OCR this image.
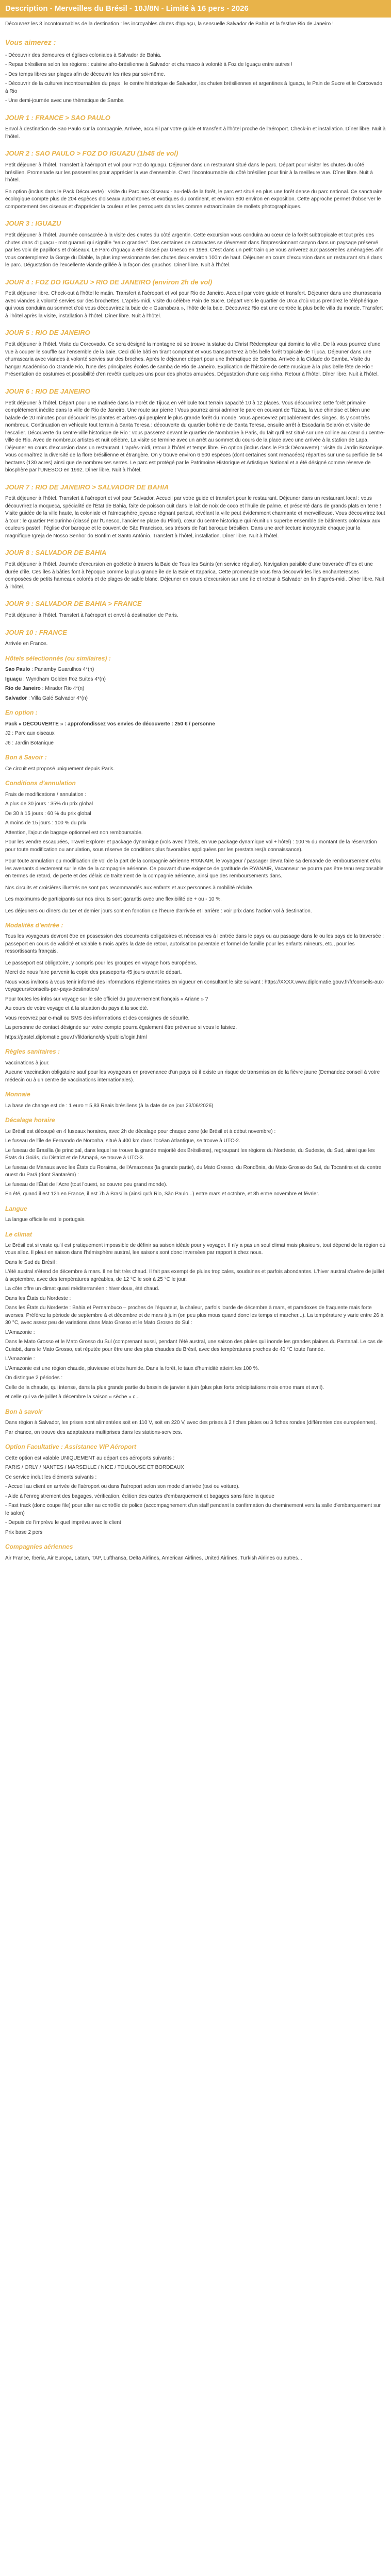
Description - Merveilles du Brésil - 10J/8N - Limité à 16 pers - 2026

Découvrez les 3 incontournables de la destination : les incroyables chutes d'Iguaçu, la sensuelle Salvador de Bahia et la festive Rio de Janeiro !

Vous aimerez :

- Découvrir des demeures et églises coloniales à Salvador de Bahia.

- Repas brésiliens selon les régions : cuisine afro-brésilienne à Salvador et churrasco à volonté à Foz de Iguaçu entre autres !

- Des temps libres sur plages afin de découvrir les rites par soi-même.

- Découvrir de la cultures incontournables du pays : le centre historique de Salvador, les chutes brésiliennes et argentines à Iguaçu, le Pain de Sucre et le Corcovado à Rio

- Une demi-journée avec une thématique de Samba

JOUR 1 : FRANCE > SAO PAULO

Envol à destination de Sao Paulo sur la compagnie. Arrivée, accueil par votre guide et transfert à l'hôtel proche de l'aéroport. Check-in et installation. Dîner libre. Nuit à l'hôtel.

JOUR 2 : SAO PAULO > FOZ DO IGUAZU (1h45 de vol)

Petit déjeuner à l'hôtel. Transfert à l'aéroport et vol pour Foz do Iguaçu. Déjeuner dans un restaurant situé dans le parc. Départ pour visiter les chutes du côté brésilien. Promenade sur les passerelles pour apprécier la vue d'ensemble. C'est l'incontournable du côté brésilien pour finir à la meilleure vue. Dîner libre. Nuit à l'hôtel.

En option (inclus dans le Pack Découverte) : visite du Parc aux Oiseaux - au-delà de la forêt, le parc est situé en plus une forêt dense du parc national. Ce sanctuaire écologique compte plus de 204 espèces d'oiseaux autochtones et exotiques du continent, et environ 800 environ en exposition. Cette approche permet d'observer le comportement des oiseaux et d'apprécier la couleur et les perroquets dans les comme extraordinaire de mollets photographiques.

JOUR 3 : IGUAZU

Petit déjeuner à l'hôtel. Journée consacrée à la visite des chutes du côté argentin. Cette excursion vous conduira au cœur de la forêt subtropicale et tout près des chutes dans d'Iguaçu - mot guarani qui signifie "eaux grandes". Des centaines de cataractes se déversent dans l'impressionnant canyon dans un paysage préservé par les voix de papillons et d'oiseaux. Le Parc d'Iguaçu a été classé par Unesco en 1986. C'est dans un petit train que vous arriverez aux passerelles aménagées afin vous contemplerez la Gorge du Diable, la plus impressionnante des chutes deux environ 100m de haut. Déjeuner en cours d'excursion dans un restaurant situé dans le parc. Dégustation de l'excellente viande grillée à la façon des gauchos. Dîner libre. Nuit à l'hôtel.

JOUR 4 : FOZ DO IGUAZU > RIO DE JANEIRO (environ 2h de vol)

Petit déjeuner libre. Check-out à l'hôtel le matin. Transfert à l'aéroport et vol pour Rio de Janeiro. Accueil par votre guide et transfert. Déjeuner dans une churrascaria avec viandes à volonté servies sur des brochettes. L'après-midi, visite du célèbre Pain de Sucre. Départ vers le quartier de Urca d'où vous prendrez le téléphérique qui vous conduira au sommet d'où vous découvrirez la baie de « Guanabara », l'hôte de la baie. Découvrez Rio est une contrée la plus belle villa du monde. Transfert à l'hôtel après la visite, installation à l'hôtel. Dîner libre. Nuit à l'hôtel.

JOUR 5 : RIO DE JANEIRO

Petit déjeuner à l'hôtel. Visite du Corcovado. Ce sera désigné la montagne où se trouve la statue du Christ Rédempteur qui domine la ville. De là vous pourrez d'une vue à couper le souffle sur l'ensemble de la baie. Ceci dû le bâti en tirant comptant et vous transporterez à très belle forêt tropicale de Tijuca. Déjeuner dans une churrascaria avec viandes à volonté servies sur des broches. Après le déjeuner départ pour une thématique de Samba. Arrivée à la Cidade do Samba. Visite du hangar Académico do Grande Rio, l'une des principales écoles de samba de Rio de Janeiro. Explication de l'histoire de cette musique à la plus belle fête de Rio ! Présentation de costumes et possibilité d'en revêtir quelques uns pour des photos amusées. Dégustation d'une caipirinha. Retour à l'hôtel. Dîner libre. Nuit à l'hôtel.

JOUR 6 : RIO DE JANEIRO

Petit déjeuner à l'hôtel. Départ pour une matinée dans la Forêt de Tijuca en véhicule tout terrain capacité 10 à 12 places. Vous découvrirez cette forêt primaire complètement inédite dans la ville de Rio de Janeiro. Une route sur pierre ! Vous pourrez ainsi admirer le parc en couvant de Tizzua, la vue chinoise et bien une balade de 20 minutes pour découvrir les plantes et arbres qui peuplent le plus grande forêt du monde. Vous apercevrez probablement des singes. Ils y sont très nombreux. Continuation en véhicule tout terrain à Santa Teresa : découverte du quartier bohème de Santa Teresa, ensuite arrêt à Escadaria Selarón et visite de l'escalier. Découverte du centre-ville historique de Rio : vous passerez devant le quartier de Nombraire à Paris, du fait qu'il est situé sur une colline au cœur du centre-ville de Rio. Avec de nombreux artistes et nuit célèbre, La visite se termine avec un arrêt au sommet du cours de la place avec une arrivée à la station de Lapa. Déjeuner en cours d'excursion dans un restaurant. L'après-midi, retour à l'hôtel et temps libre. En option (inclus dans le Pack Découverte) : visite du Jardin Botanique. Vous connaîtrez la diversité de la flore brésilienne et étrangère. On y trouve environ 6 500 espèces (dont certaines sont menacées) réparties sur une superficie de 54 hectares (130 acres) ainsi que de nombreuses serres. Le parc est protégé par le Patrimoine Historique et Artistique National et a été désigné comme réserve de biosphère par l'UNESCO en 1992. Dîner libre. Nuit à l'hôtel.

JOUR 7 : RIO DE JANEIRO > SALVADOR DE BAHIA

Petit déjeuner à l'hôtel. Transfert à l'aéroport et vol pour Salvador. Accueil par votre guide et transfert pour le restaurant. Déjeuner dans un restaurant local : vous découvrirez la moqueca, spécialité de l'État de Bahia, faite de poisson cuit dans le lait de noix de coco et l'huile de palme, et présenté dans de grands plats en terre ! Visite guidée de la ville haute, la coloniale et l'atmosphère joyeuse régnant partout, révélant la ville peut évidemment charmante et merveilleuse. Vous découvrirez tout à tour : le quartier Pelourinho (classé par l'Unesco, l'ancienne place du Pilori), cœur du centre historique qui réunit un superbe ensemble de bâtiments coloniaux aux couleurs pastel ; l'église d'or baroque et le couvent de São Francisco, ses trésors de l'art baroque brésilien. Dans une architecture incroyable chaque jour la magnifique Igreja de Nosso Senhor do Bonfim et Santo Antônio. Transfert à l'hôtel, installation. Dîner libre. Nuit à l'hôtel.

JOUR 8 : SALVADOR DE BAHIA

Petit déjeuner à l'hôtel. Journée d'excursion en goélette à travers la Baie de Tous les Saints (en service régulier). Navigation paisible d'une traversée d'îles et une durée d'île. Ces îles à bâties font à l'époque comme la plus grande île de la Baie et Itaparica. Cette promenade vous fera découvrir les îles enchanteresses composées de petits hameaux colorés et de plages de sable blanc. Déjeuner en cours d'excursion sur une île et retour à Salvador en fin d'après-midi. Dîner libre. Nuit à l'hôtel.

JOUR 9 : SALVADOR DE BAHIA > FRANCE

Petit déjeuner à l'hôtel. Transfert à l'aéroport et envol à destination de Paris.

JOUR 10 : FRANCE

Arrivée en France.

Hôtels sélectionnés (ou similaires) :

Sao Paulo : Panamby Guarulhos 4*(n)

Iguaçu : Wyndham Golden Foz Suites 4*(n)

Rio de Janeiro : Mirador Rio 4*(n)

Salvador : Villa Galé Salvador 4*(n)

En option :

Pack « DÉCOUVERTE » : approfondissez vos envies de découverte : 250 € / personne

J2 : Parc aux oiseaux

J6 : Jardin Botanique

Bon à Savoir :

Ce circuit est proposé uniquement depuis Paris.

Conditions d'annulation

Frais de modifications / annulation :

A plus de 30 jours : 35% du prix global

De 30 à 15 jours : 60 % du prix global

A moins de 15 jours : 100 % du prix

Attention, l'ajout de bagage optionnel est non remboursable.

Pour les vendre escaquées, Travel Explorer et package dynamique (vols avec hôtels, en vue package dynamique vol + hôtel) : 100 % du montant de la réservation pour toute modification ou annulation, sous réserve de conditions plus favorables appliquées par les prestataires(à connaissance).

Pour toute annulation ou modification de vol de la part de la compagnie aérienne RYANAIR, le voyageur / passager devra faire sa demande de remboursement et/ou les avenants directement sur le site de la compagnie aérienne. Ce pouvant d'une exigence de gratitude de RYANAIR, Vacanseur ne pourra pas être tenu responsable en termes de retard, de perte et des délais de traitement de la compagnie aérienne, ainsi que des remboursements dans.

Nos circuits et croisières illustrés ne sont pas recommandés aux enfants et aux personnes à mobilité réduite.

Les maximums de participants sur nos circuits sont garantis avec une flexibilité de + ou - 10 %.

Les déjeuners ou dîners du 1er et dernier jours sont en fonction de l'heure d'arrivée et l'arrière : voir prix dans l'action vol à destination.

Modalités d'entrée :

Tous les voyageurs devront être en possession des documents obligatoires et nécessaires à l'entrée dans le pays ou au passage dans le ou les pays de la traversée : passeport en cours de validité et valable 6 mois après la date de retour, autorisation parentale et formel de famille pour les enfants mineurs, etc., pour les ressortissants français.

Le passeport est obligatoire, y compris pour les groupes en voyage hors européens.

Mercí de nous faire parvenir la copie des passeports 45 jours avant le départ.

Nous vous invitons à vous tenir informé des informations réglementaires en vigueur en consultant le site suivant : https://XXXX.www.diplomatie.gouv.fr/fr/conseils-aux-voyageurs/conseils-par-pays-destination/

Pour toutes les infos sur voyage sur le site officiel du gouvernement français « Ariane » ?

Au cours de votre voyage et à la situation du pays à la société.

Vous recevrez par e-mail ou SMS des informations et des consignes de sécurité.

La personne de contact désignée sur votre compte pourra également être prévenue si vous le faisiez.

https://pastel.diplomatie.gouv.fr/fildariane/dyn/public/login.html

Règles sanitaires :

Vaccinations à jour.

Aucune vaccination obligatoire sauf pour les voyageurs en provenance d'un pays où il existe un risque de transmission de la fièvre jaune (Demandez conseil à votre médecin ou à un centre de vaccinations internationales).

Monnaie

La base de change est de : 1 euro = 5,83 Reais brésiliens (à la date de ce jour 23/06/2026)

Décalage horaire

Le Brésil est découpé en 4 fuseaux horaires, avec 2h de décalage pour chaque zone (de Brésil et à début novembre) :

Le fuseau de l'île de Fernando de Noronha, situé à 400 km dans l'océan Atlantique, se trouve à UTC-2.

Le fuseau de Brasília (le principal, dans lequel se trouve la grande majorité des Brésiliens), regroupant les régions du Nordeste, du Sudeste, du Sud, ainsi que les États du Goiás, du District et de l'Amapá, se trouve à UTC-3.

Le fuseau de Manaus avec les États du Roraima, de l'Amazonas (la grande partie), du Mato Grosso, du Rondônia, du Mato Grosso do Sul, du Tocantins et du centre ouest du Pará (dont Santarém) :

Le fuseau de l'État de l'Acre (tout l'ouest, se couvre peu grand monde).

En été, quand il est 12h en France, il est 7h à Brasília (ainsi qu'à Rio, São Paulo...) entre mars et octobre, et 8h entre novembre et février.

Langue

La langue officielle est le portugais.

Le climat

Le Brésil est si vaste qu'il est pratiquement impossible de définir sa saison idéale pour y voyager. Il n'y a pas un seul climat mais plusieurs, tout dépend de la région où vous allez. Il pleut en saison dans l'hémisphère austral, les saisons sont donc inversées par rapport à chez nous.

Dans le Sud du Brésil :

L'été austral s'étend de décembre à mars. Il ne fait très chaud. Il fait pas exempt de pluies tropicales, soudaines et parfois abondantes. L'hiver austral s'avère de juillet à septembre, avec des températures agréables, de 12 °C le soir à 25 °C le jour.

La côte offre un climat quasi méditerranéen : hiver doux, été chaud.

Dans les États du Nordeste :

Dans les États du Nordeste : Bahia et Pernambuco – proches de l'équateur, la chaleur, parfois lourde de décembre à mars, et paradoxes de fraquente mais forte averses. Préférez la période de septembre à et décembre et de mars à juin (on peu plus mous quand donc les temps et marcher...). La température y varie entre 26 à 30 °C, avec assez peu de variations dans Mato Grosso et le Mato Grosso do Sul :

L'Amazonie :

Dans le Mato Grosso et le Mato Grosso du Sul (comprenant aussi, pendant l'été austral, une saison des pluies qui inonde les grandes plaines du Pantanal. Le cas de Cuiabá, dans le Mato Grosso, est réputée pour être une des plus chaudes du Brésil, avec des températures proches de 40 °C toute l'année.

L'Amazonie :

L'Amazonie est une région chaude, pluvieuse et très humide. Dans la forêt, le taux d'humidité atteint les 100 %.

On distingue 2 périodes :

Celle de la chaude, qui intense, dans la plus grande partie du bassin de janvier à juin (plus plus forts précipitations mois entre mars et avril).

et celle qui va de juillet à décembre la saison « sèche » c...

Bon à savoir

Dans région à Salvador, les prises sont alimentées soit en 110 V, soit en 220 V, avec des prises à 2 fiches plates ou 3 fiches rondes (différentes des européennes).

Par chance, on trouve des adaptateurs multiprises dans les stations-services.

Option Facultative : Assistance VIP Aéroport

Cette option est valable UNIQUEMENT au départ des aéroports suivants :

PARIS / ORLY / NANTES / MARSEILLE / NICE / TOULOUSE ET BORDEAUX

Ce service inclut les éléments suivants :

- Accueil au client en arrivée de l'aéroport ou dans l'aéroport selon son mode d'arrivée (taxi ou voiture).

- Aide à l'enregistrement des bagages, vérification, édition des cartes d'embarquement et bagages sans faire la queue

- Fast track (donc coupe file) pour aller au contrôle de police (accompagnement d'un staff pendant la confirmation du cheminement vers la salle d'embarquement sur le salon)

- Depuis de l'imprévu le quel imprévu avec le client

Prix base 2 pers

Compagnies aériennes

Air France, Iberia, Air Europa, Latam, TAP, Lufthansa, Delta Airlines, American Airlines, United Airlines, Turkish Airlines ou autres...
